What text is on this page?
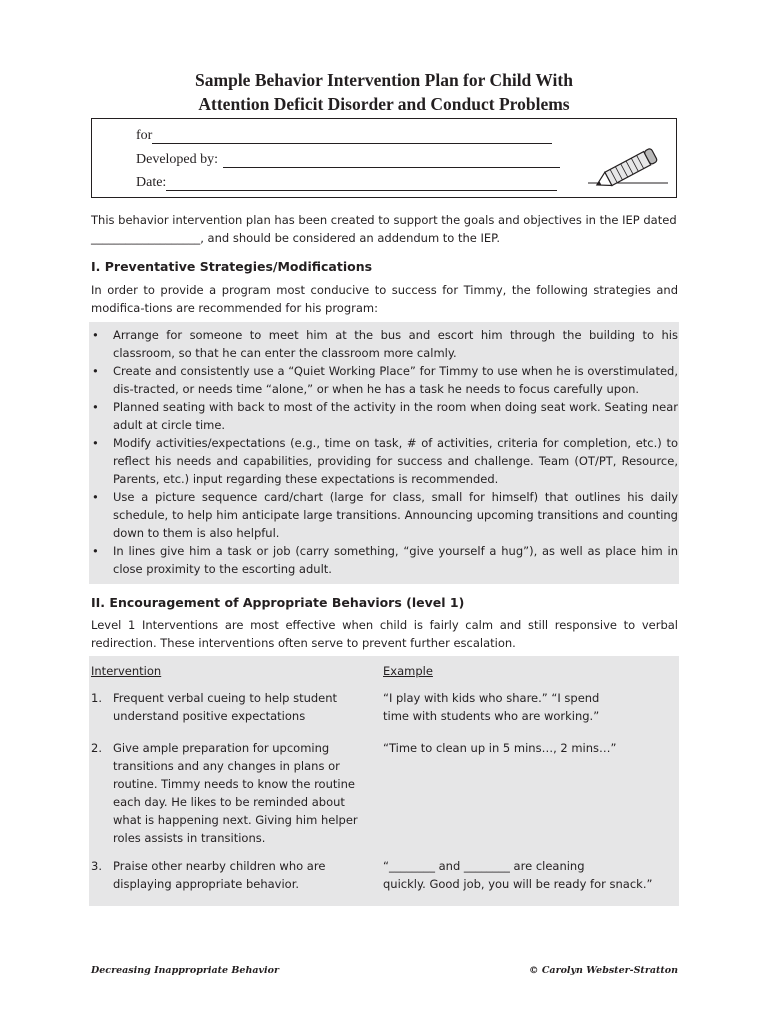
Sample Behavior Intervention Plan for Child With
Attention Deficit Disorder and Conduct Problems
for
Developed by:
Date:

This behavior intervention plan has been created to support the goals and objectives in the IEP dated
___________________, and should be considered an addendum to the IEP.

I. Preventative Strategies/Modifications

In order to provide a program most conducive to success for Timmy, the following strategies and modifica-tions are recommended for his program:

• Arrange for someone to meet him at the bus and escort him through the building to his classroom, so that he can enter the classroom more calmly.
• Create and consistently use a “Quiet Working Place” for Timmy to use when he is overstimulated, dis-tracted, or needs time “alone,” or when he has a task he needs to focus carefully upon.
• Planned seating with back to most of the activity in the room when doing seat work. Seating near adult at circle time.
• Modify activities/expectations (e.g., time on task, # of activities, criteria for completion, etc.) to reflect his needs and capabilities, providing for success and challenge. Team (OT/PT, Resource, Parents, etc.) input regarding these expectations is recommended.
• Use a picture sequence card/chart (large for class, small for himself) that outlines his daily schedule, to help him anticipate large transitions. Announcing upcoming transitions and counting down to them is also helpful.
• In lines give him a task or job (carry something, “give yourself a hug”), as well as place him in close proximity to the escorting adult.

II. Encouragement of Appropriate Behaviors (level 1)

Level 1 Interventions are most effective when child is fairly calm and still responsive to verbal redirection. These interventions often serve to prevent further escalation.

Intervention	Example
1. Frequent verbal cueing to help student
understand positive expectations
“I play with kids who share.” “I spend
time with students who are working.”
2. Give ample preparation for upcoming
transitions and any changes in plans or
routine. Timmy needs to know the routine
each day. He likes to be reminded about
what is happening next. Giving him helper
roles assists in transitions.
“Time to clean up in 5 mins…, 2 mins…”
3. Praise other nearby children who are
displaying appropriate behavior.
“________ and ________ are cleaning
quickly. Good job, you will be ready for snack.”
Decreasing Inappropriate Behavior	© Carolyn Webster-Stratton
